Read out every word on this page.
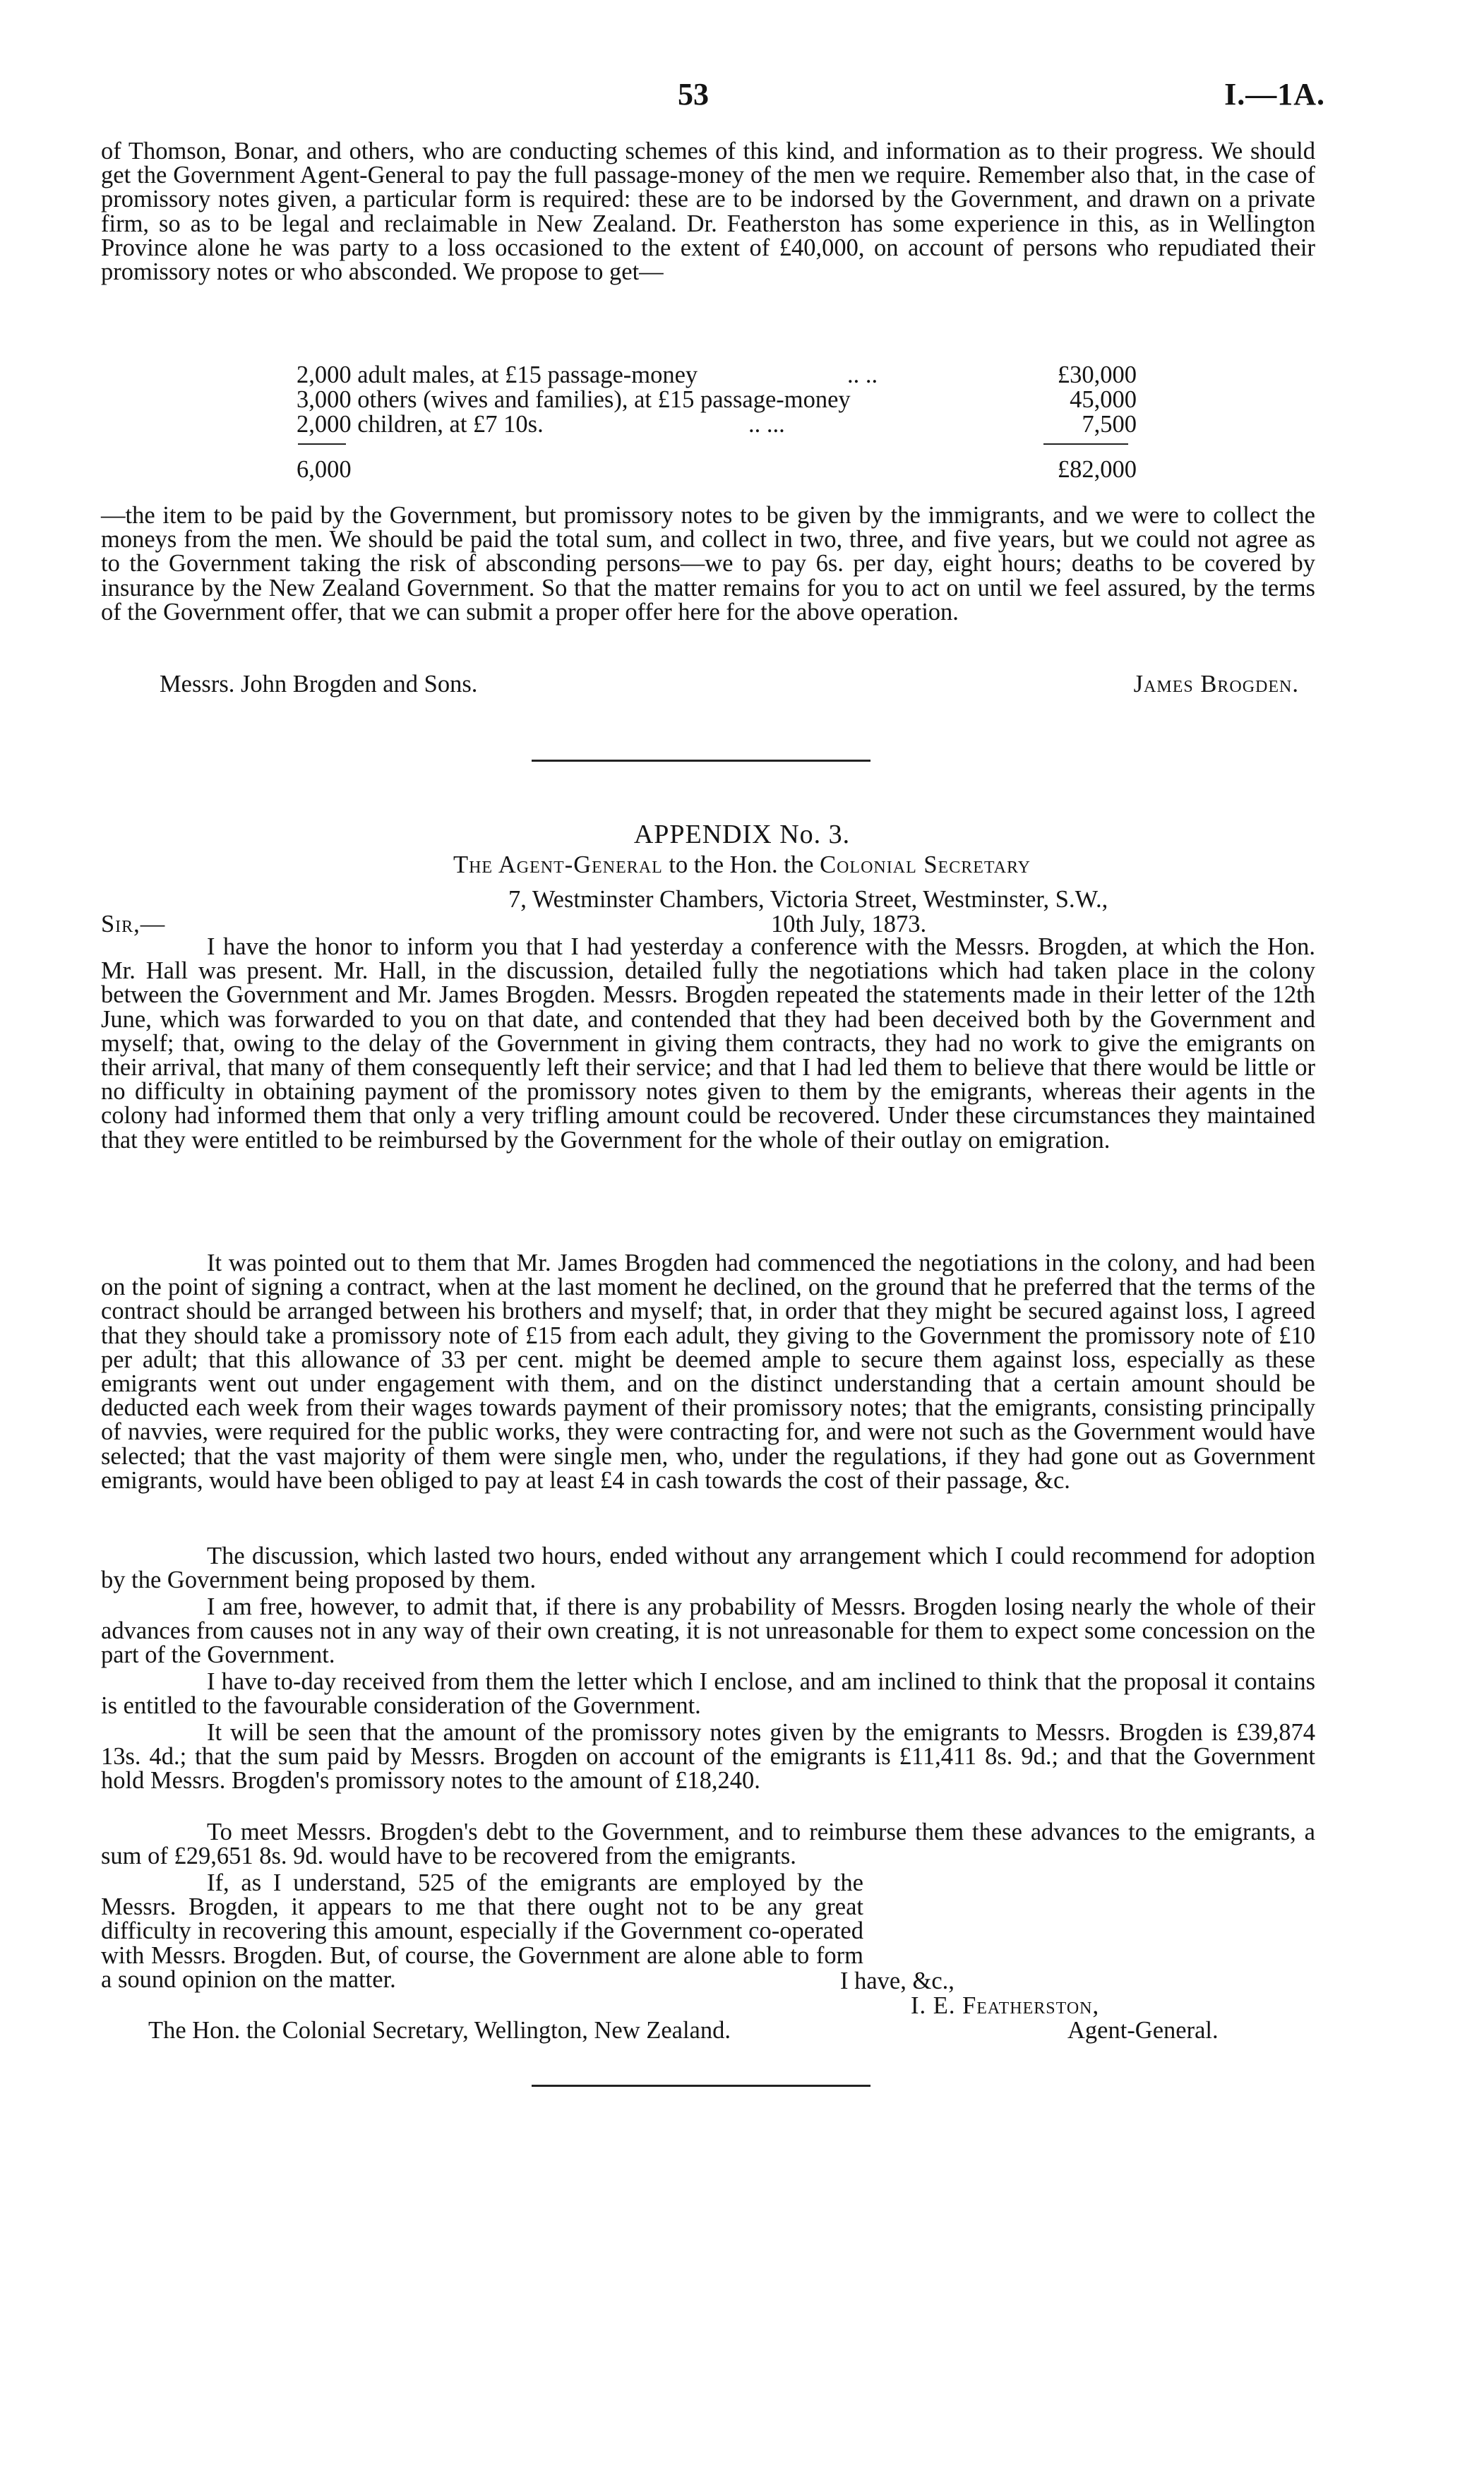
53	I.—1A.
of Thomson, Bonar, and others, who are conducting schemes of this kind, and information as to their progress. We should get the Government Agent-General to pay the full passage-money of the men we require. Remember also that, in the case of promissory notes given, a particular form is required: these are to be indorsed by the Government, and drawn on a private firm, so as to be legal and reclaimable in New Zealand. Dr. Featherston has some experience in this, as in Wellington Province alone he was party to a loss occasioned to the extent of £40,000, on account of persons who repudiated their promissory notes or who absconded. We propose to get—
2,000 adult males, at £15 passage-money	.. ..	£30,000
3,000 others (wives and families), at £15 passage-money	45,000
2,000 children, at £7 10s.	.. ...	7,500
6,000	£82,000
—the item to be paid by the Government, but promissory notes to be given by the immigrants, and we were to collect the moneys from the men. We should be paid the total sum, and collect in two, three, and five years, but we could not agree as to the Government taking the risk of absconding persons—we to pay 6s. per day, eight hours; deaths to be covered by insurance by the New Zealand Government. So that the matter remains for you to act on until we feel assured, by the terms of the Government offer, that we can submit a proper offer here for the above operation.
Messrs. John Brogden and Sons.	James Brogden.
APPENDIX No. 3.
The Agent-General to the Hon. the Colonial Secretary
7, Westminster Chambers, Victoria Street, Westminster, S.W.,
Sir,—	10th July, 1873.
I have the honor to inform you that I had yesterday a conference with the Messrs. Brogden, at which the Hon. Mr. Hall was present. Mr. Hall, in the discussion, detailed fully the negotiations which had taken place in the colony between the Government and Mr. James Brogden. Messrs. Brogden repeated the statements made in their letter of the 12th June, which was forwarded to you on that date, and contended that they had been deceived both by the Government and myself; that, owing to the delay of the Government in giving them contracts, they had no work to give the emigrants on their arrival, that many of them consequently left their service; and that I had led them to believe that there would be little or no difficulty in obtaining payment of the promissory notes given to them by the emigrants, whereas their agents in the colony had informed them that only a very trifling amount could be recovered. Under these circumstances they maintained that they were entitled to be reimbursed by the Government for the whole of their outlay on emigration.
It was pointed out to them that Mr. James Brogden had commenced the negotiations in the colony, and had been on the point of signing a contract, when at the last moment he declined, on the ground that he preferred that the terms of the contract should be arranged between his brothers and myself; that, in order that they might be secured against loss, I agreed that they should take a promissory note of £15 from each adult, they giving to the Government the promissory note of £10 per adult; that this allowance of 33 per cent. might be deemed ample to secure them against loss, especially as these emigrants went out under engagement with them, and on the distinct understanding that a certain amount should be deducted each week from their wages towards payment of their promissory notes; that the emigrants, consisting principally of navvies, were required for the public works, they were contracting for, and were not such as the Government would have selected; that the vast majority of them were single men, who, under the regulations, if they had gone out as Government emigrants, would have been obliged to pay at least £4 in cash towards the cost of their passage, &c.
The discussion, which lasted two hours, ended without any arrangement which I could recommend for adoption by the Government being proposed by them.
I am free, however, to admit that, if there is any probability of Messrs. Brogden losing nearly the whole of their advances from causes not in any way of their own creating, it is not unreasonable for them to expect some concession on the part of the Government.
I have to-day received from them the letter which I enclose, and am inclined to think that the proposal it contains is entitled to the favourable consideration of the Government.
It will be seen that the amount of the promissory notes given by the emigrants to Messrs. Brogden is £39,874 13s. 4d.; that the sum paid by Messrs. Brogden on account of the emigrants is £11,411 8s. 9d.; and that the Government hold Messrs. Brogden's promissory notes to the amount of £18,240.
To meet Messrs. Brogden's debt to the Government, and to reimburse them these advances to the emigrants, a sum of £29,651 8s. 9d. would have to be recovered from the emigrants.
If, as I understand, 525 of the emigrants are employed by the Messrs. Brogden, it appears to me that there ought not to be any great difficulty in recovering this amount, especially if the Government co-operated with Messrs. Brogden. But, of course, the Government are alone able to form a sound opinion on the matter.	I have, &c.,
I. E. Featherston,
The Hon. the Colonial Secretary, Wellington, New Zealand.	Agent-General.
